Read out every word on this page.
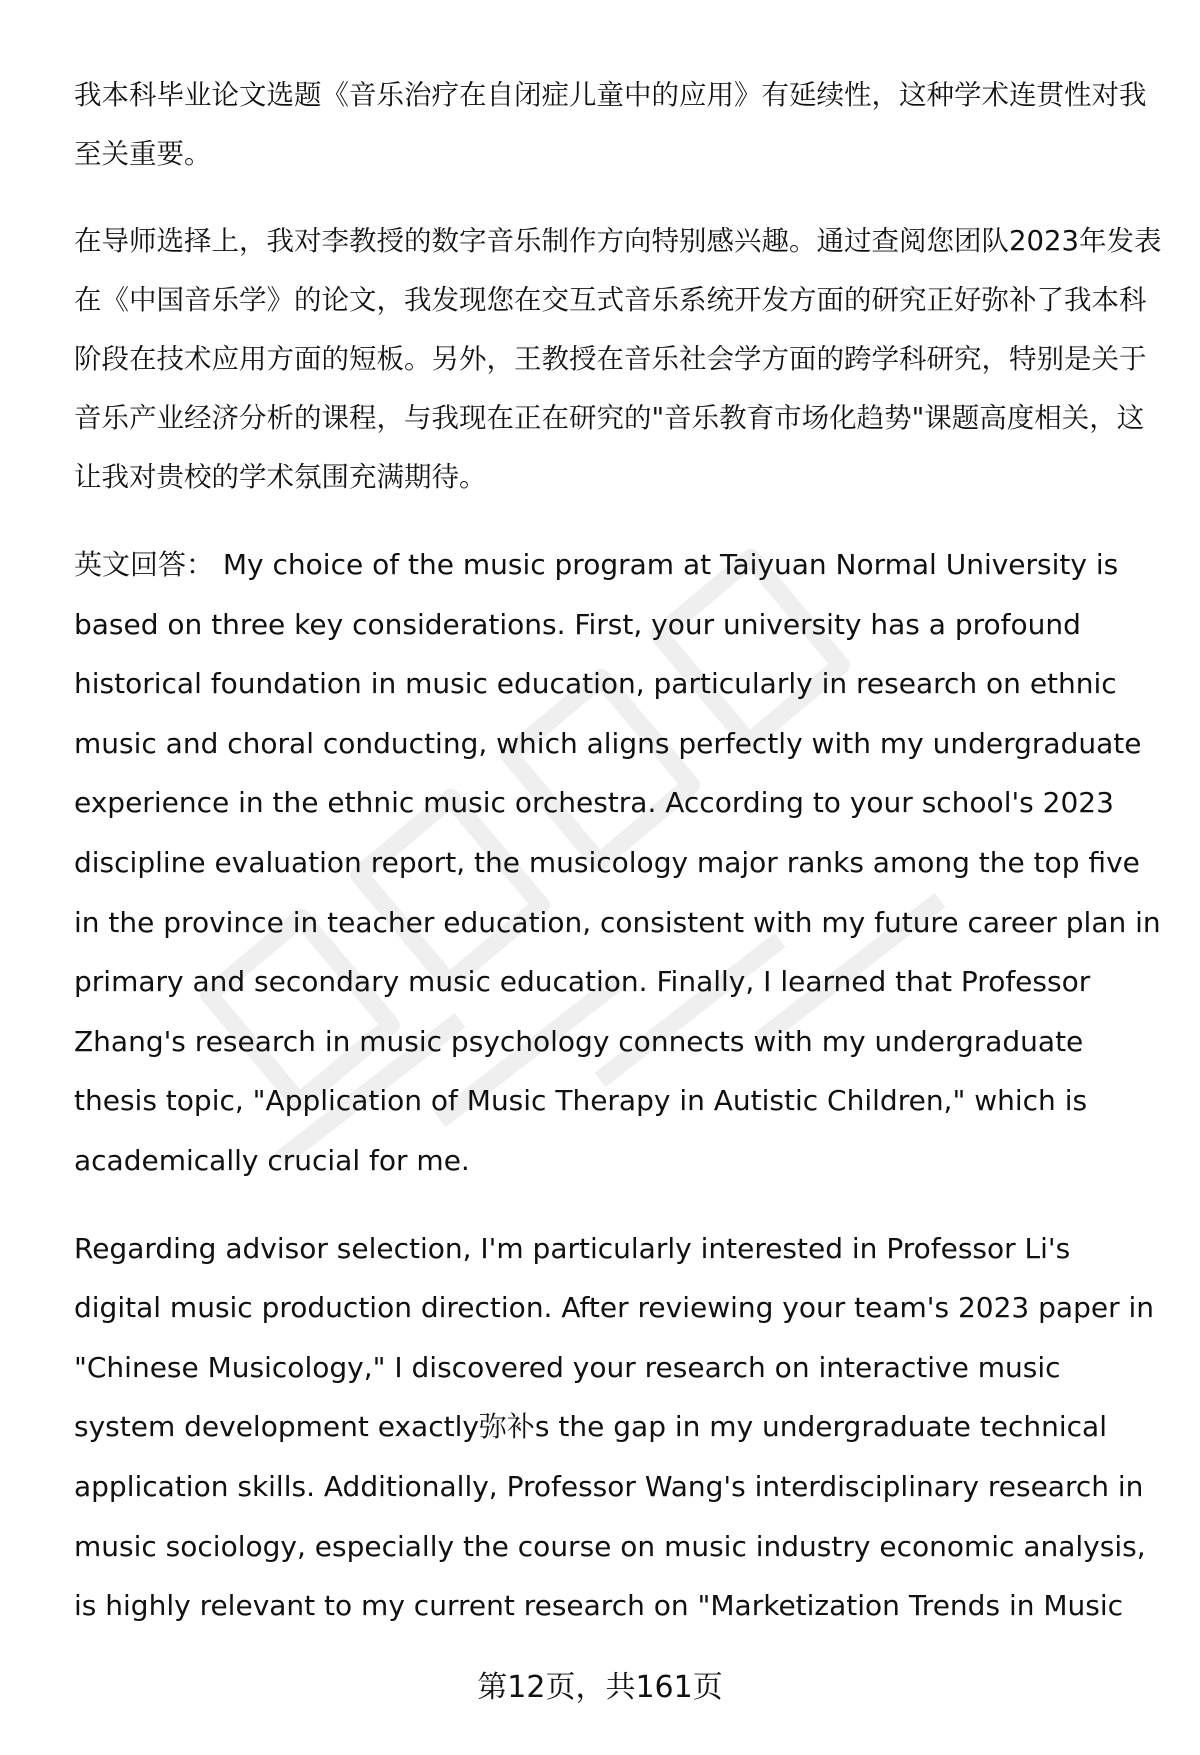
我本科毕业论文选题《音乐治疗在自闭症儿童中的应用》有延续性，这种学术连贯性对我至关重要。

在导师选择上，我对李教授的数字音乐制作方向特别感兴趣。通过查阅您团队2023年发表在《中国音乐学》的论文，我发现您在交互式音乐系统开发方面的研究正好弥补了我本科阶段在技术应用方面的短板。另外，王教授在音乐社会学方面的跨学科研究，特别是关于音乐产业经济分析的课程，与我现在正在研究的"音乐教育市场化趋势"课题高度相关，这让我对贵校的学术氛围充满期待。

英文回答： My choice of the music program at Taiyuan Normal University is based on three key considerations. First, your university has a profound historical foundation in music education, particularly in research on ethnic music and choral conducting, which aligns perfectly with my undergraduate experience in the ethnic music orchestra. According to your school's 2023 discipline evaluation report, the musicology major ranks among the top five in the province in teacher education, consistent with my future career plan in primary and secondary music education. Finally, I learned that Professor Zhang's research in music psychology connects with my undergraduate thesis topic, "Application of Music Therapy in Autistic Children," which is academically crucial for me.

Regarding advisor selection, I'm particularly interested in Professor Li's digital music production direction. After reviewing your team's 2023 paper in "Chinese Musicology," I discovered your research on interactive music system development exactly弥补s the gap in my undergraduate technical application skills. Additionally, Professor Wang's interdisciplinary research in music sociology, especially the course on music industry economic analysis, is highly relevant to my current research on "Marketization Trends in Music

第12页，共161页
